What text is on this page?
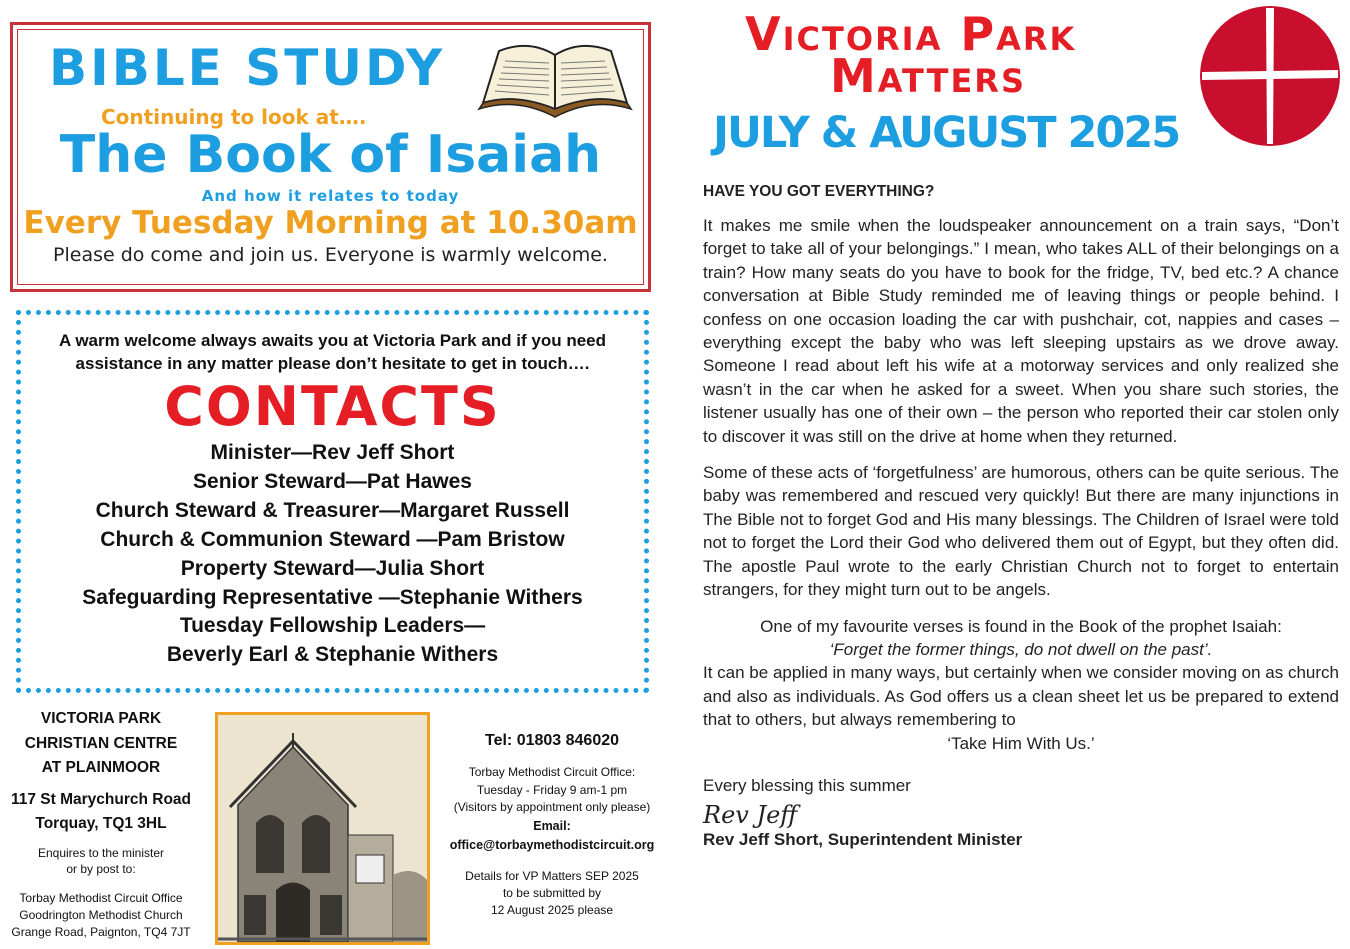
BIBLE STUDY
Continuing to look at….
The Book of Isaiah
And how it relates to today
Every Tuesday Morning at 10.30am
Please do come and join us. Everyone is warmly welcome.
A warm welcome always awaits you at Victoria Park and if you need
assistance in any matter please don’t hesitate to get in touch….
CONTACTS
Minister—Rev Jeff Short
Senior Steward—Pat Hawes
Church Steward & Treasurer—Margaret Russell
Church & Communion Steward —Pam Bristow
Property Steward—Julia Short
Safeguarding Representative —Stephanie Withers
Tuesday Fellowship Leaders—
Beverly Earl & Stephanie Withers
VICTORIA PARK
CHRISTIAN CENTRE
AT PLAINMOOR
117 St Marychurch Road
Torquay, TQ1 3HL
Enquires to the minister
or by post to:
Torbay Methodist Circuit Office
Goodrington Methodist Church
Grange Road, Paignton, TQ4 7JT
Tel: 01803 846020
Torbay Methodist Circuit Office:
Tuesday - Friday 9 am-1 pm
(Visitors by appointment only please)
Email:
office@torbaymethodistcircuit.org
Details for VP Matters SEP 2025
to be submitted by
12 August 2025 please
Victoria Park
Matters
JULY & AUGUST 2025
HAVE YOU GOT EVERYTHING?

It makes me smile when the loudspeaker announcement on a train says, “Don’t forget to take all of your belongings.” I mean, who takes ALL of their belongings on a train? How many seats do you have to book for the fridge, TV, bed etc.? A chance conversation at Bible Study reminded me of leaving things or people behind. I confess on one occasion loading the car with pushchair, cot, nappies and cases – everything except the baby who was left sleeping upstairs as we drove away. Someone I read about left his wife at a motorway services and only realized she wasn’t in the car when he asked for a sweet. When you share such stories, the listener usually has one of their own – the person who reported their car stolen only to discover it was still on the drive at home when they returned.

Some of these acts of ‘forgetfulness’ are humorous, others can be quite serious. The baby was remembered and rescued very quickly! But there are many injunctions in The Bible not to forget God and His many blessings. The Children of Israel were told not to forget the Lord their God who delivered them out of Egypt, but they often did. The apostle Paul wrote to the early Christian Church not to forget to entertain strangers, for they might turn out to be angels.

One of my favourite verses is found in the Book of the prophet Isaiah:
‘Forget the former things, do not dwell on the past’.
It can be applied in many ways, but certainly when we consider moving on as church and also as individuals. As God offers us a clean sheet let us be prepared to extend that to others, but always remembering to
‘Take Him With Us.’
Every blessing this summer
Rev Jeff
Rev Jeff Short, Superintendent Minister
